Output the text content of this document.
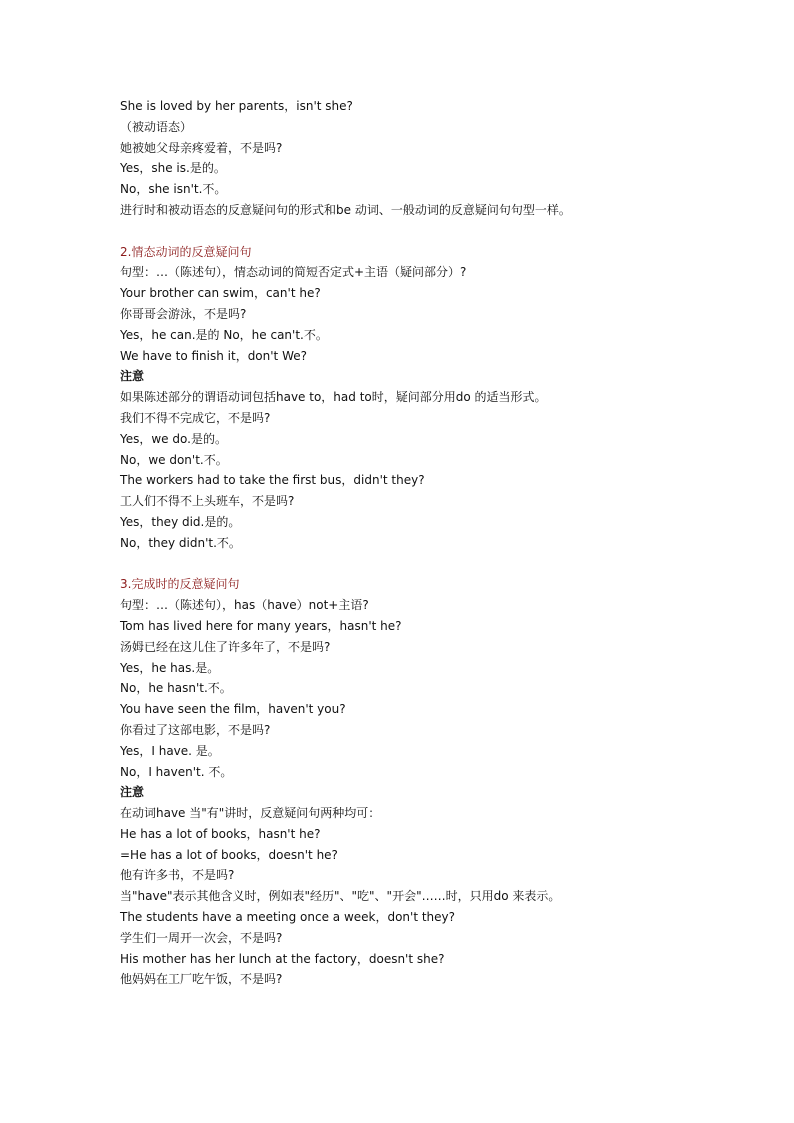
She is loved by her parents，isn't she?
（被动语态）
她被她父母亲疼爱着，不是吗?
Yes，she is.是的。
No，she isn't.不。
进行时和被动语态的反意疑问句的形式和be 动词、一般动词的反意疑问句句型一样。
2.情态动词的反意疑问句
句型：…（陈述句），情态动词的简短否定式+主语（疑问部分）?
Your brother can swim，can't he?
你哥哥会游泳，不是吗?
Yes，he can.是的 No，he can't.不。
We have to finish it，don't We?
注意
如果陈述部分的谓语动词包括have to，had to时，疑问部分用do 的适当形式。
我们不得不完成它，不是吗?
Yes，we do.是的。
No，we don't.不。
The workers had to take the first bus，didn't they?
工人们不得不上头班车，不是吗?
Yes，they did.是的。
No，they didn't.不。
3.完成时的反意疑问句
句型：…（陈述句），has（have）not+主语?
Tom has lived here for many years，hasn't he?
汤姆已经在这儿住了许多年了，不是吗?
Yes，he has.是。
No，he hasn't.不。
You have seen the film，haven't you?
你看过了这部电影，不是吗?
Yes，I have. 是。
No，I haven't. 不。
注意
在动词have 当"有"讲时，反意疑问句两种均可：
He has a lot of books，hasn't he?
=He has a lot of books，doesn't he?
他有许多书，不是吗?
当"have"表示其他含义时，例如表"经历"、"吃"、"开会"……时，只用do 来表示。
The students have a meeting once a week，don't they?
学生们一周开一次会，不是吗?
His mother has her lunch at the factory，doesn't she?
他妈妈在工厂吃午饭，不是吗?
